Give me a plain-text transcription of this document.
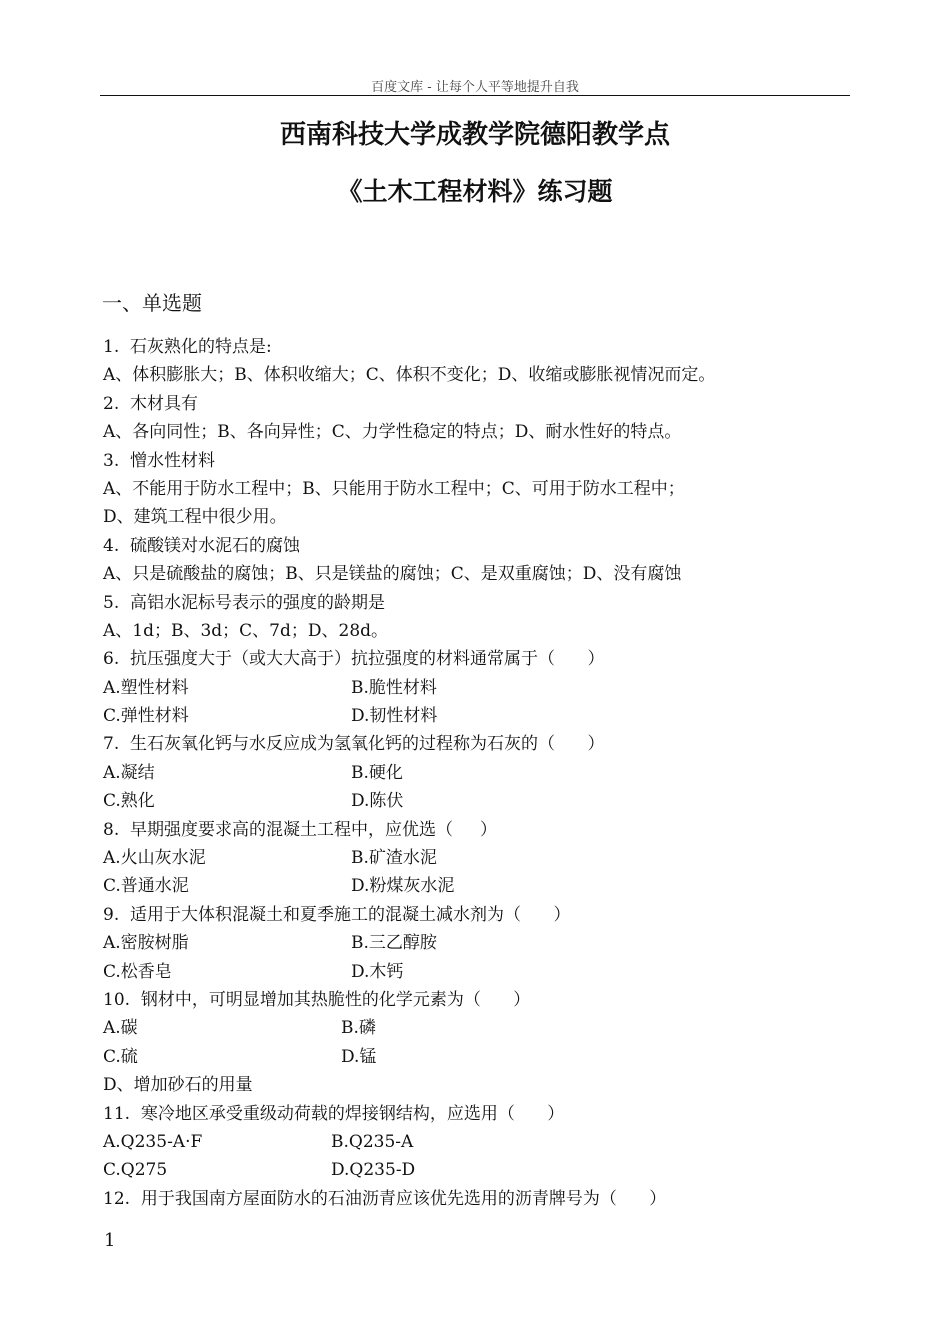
百度文库 - 让每个人平等地提升自我
西南科技大学成教学院德阳教学点
《土木工程材料》练习题
一、单选题
1.  石灰熟化的特点是:
A、体积膨胀大；B、体积收缩大；C、体积不变化；D、收缩或膨胀视情况而定。
2.  木材具有
A、各向同性；B、各向异性；C、力学性稳定的特点；D、耐水性好的特点。
3.  憎水性材料
A、不能用于防水工程中；B、只能用于防水工程中；C、可用于防水工程中；
D、建筑工程中很少用。
4.  硫酸镁对水泥石的腐蚀
A、只是硫酸盐的腐蚀；B、只是镁盐的腐蚀；C、是双重腐蚀；D、没有腐蚀
5.  高铝水泥标号表示的强度的龄期是
A、1d；B、3d；C、7d；D、28d。
6.  抗压强度大于（或大大高于）抗拉强度的材料通常属于（      ）
A.塑性材料	B.脆性材料
C.弹性材料	D.韧性材料
7.  生石灰氧化钙与水反应成为氢氧化钙的过程称为石灰的（      ）
A.凝结	B.硬化
C.熟化	D.陈伏
8.  早期强度要求高的混凝土工程中，应优选（     ）
A.火山灰水泥	B.矿渣水泥
C.普通水泥	D.粉煤灰水泥
9.  适用于大体积混凝土和夏季施工的混凝土减水剂为（      ）
A.密胺树脂	B.三乙醇胺
C.松香皂	D.木钙
10.  钢材中，可明显增加其热脆性的化学元素为（      ）
A.碳	B.磷
C.硫	D.锰
D、增加砂石的用量
11.  寒冷地区承受重级动荷载的焊接钢结构，应选用（      ）
A.Q235-A·F	B.Q235-A
C.Q275	D.Q235-D
12.  用于我国南方屋面防水的石油沥青应该优先选用的沥青牌号为（      ）
1
